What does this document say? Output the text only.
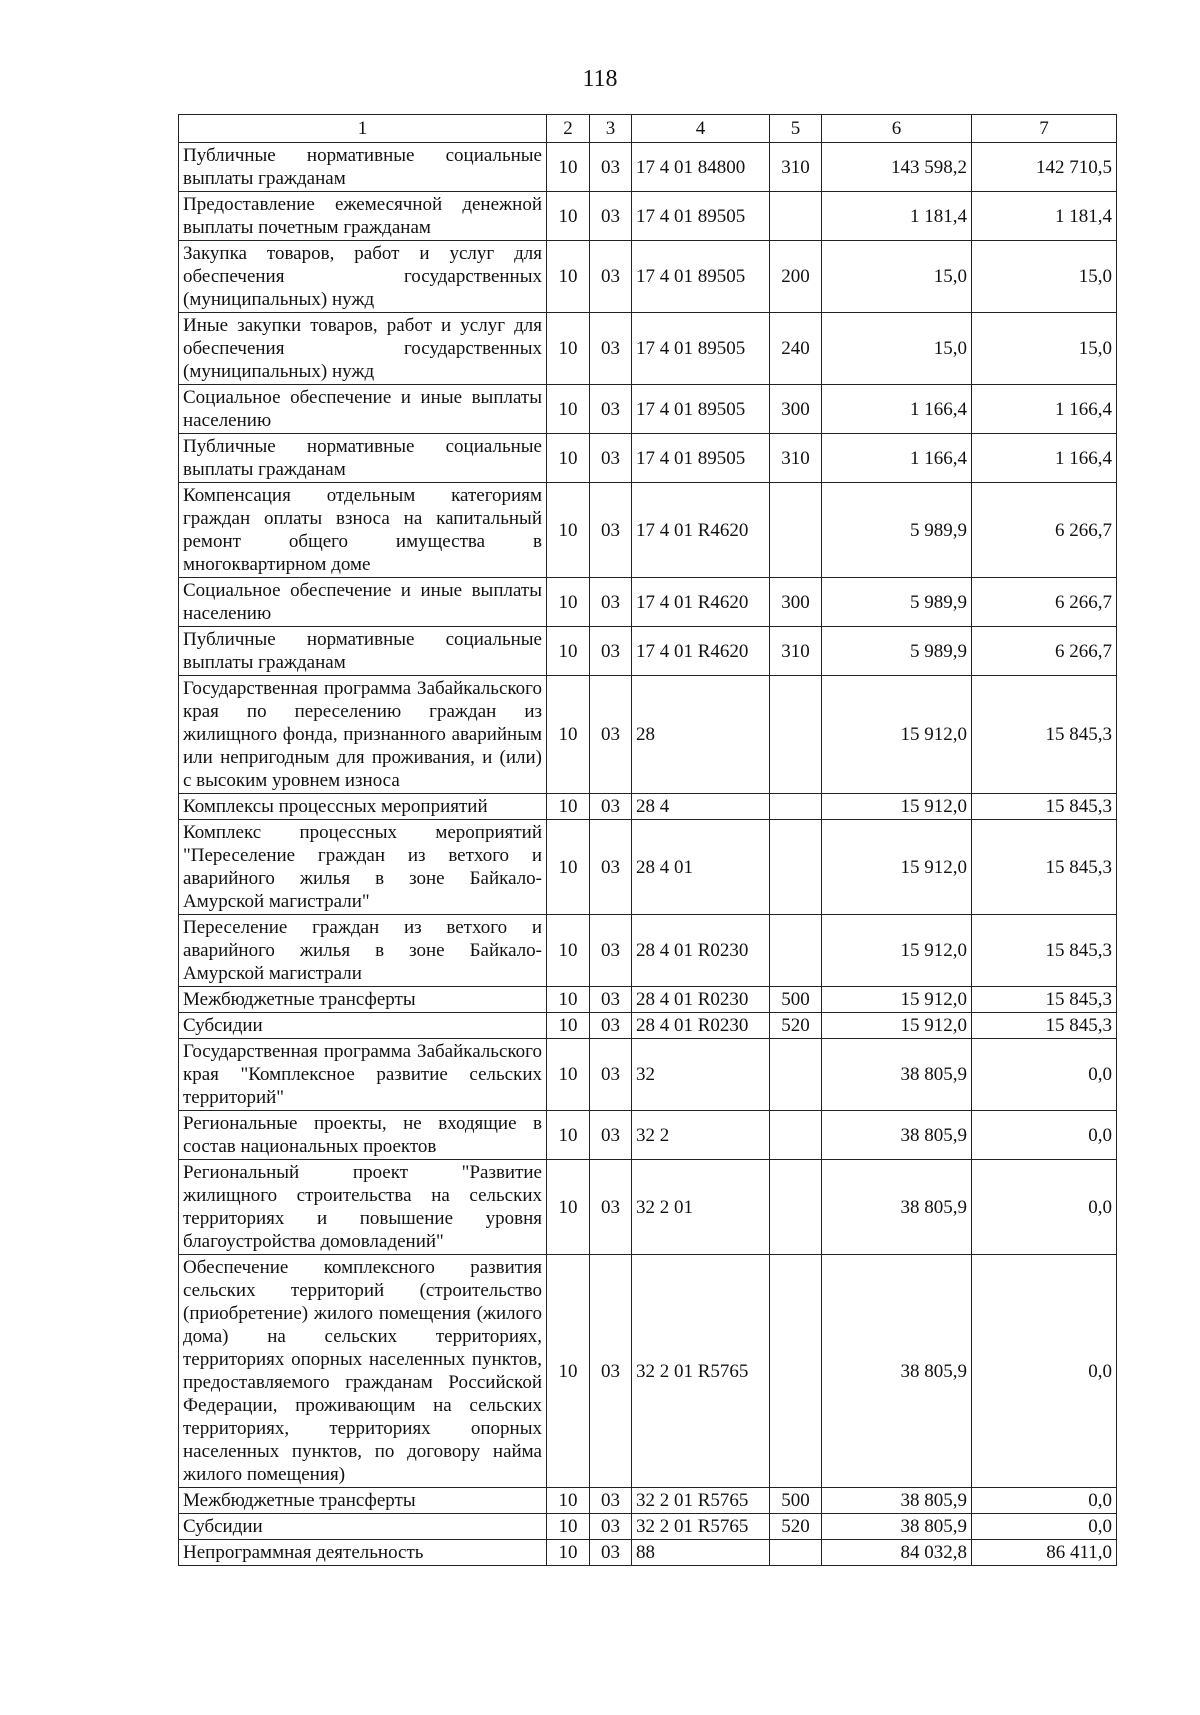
118
1	2	3	4	5	6	7
Публичные нормативные социальные выплаты гражданам	10	03	17 4 01 84800	310	143 598,2	142 710,5
Предоставление ежемесячной денежной выплаты почетным гражданам	10	03	17 4 01 89505		1 181,4	1 181,4
Закупка товаров, работ и услуг для обеспечения государственных (муниципальных) нужд	10	03	17 4 01 89505	200	15,0	15,0
Иные закупки товаров, работ и услуг для обеспечения государственных (муниципальных) нужд	10	03	17 4 01 89505	240	15,0	15,0
Социальное обеспечение и иные выплаты населению	10	03	17 4 01 89505	300	1 166,4	1 166,4
Публичные нормативные социальные выплаты гражданам	10	03	17 4 01 89505	310	1 166,4	1 166,4
Компенсация отдельным категориям граждан оплаты взноса на капитальный ремонт общего имущества в многоквартирном доме	10	03	17 4 01 R4620		5 989,9	6 266,7
Социальное обеспечение и иные выплаты населению	10	03	17 4 01 R4620	300	5 989,9	6 266,7
Публичные нормативные социальные выплаты гражданам	10	03	17 4 01 R4620	310	5 989,9	6 266,7
Государственная программа Забайкальского края по переселению граждан из жилищного фонда, признанного аварийным или непригодным для проживания, и (или) с высоким уровнем износа	10	03	28		15 912,0	15 845,3
Комплексы процессных мероприятий	10	03	28 4		15 912,0	15 845,3
Комплекс процессных мероприятий "Переселение граждан из ветхого и аварийного жилья в зоне Байкало-Амурской магистрали"	10	03	28 4 01		15 912,0	15 845,3
Переселение граждан из ветхого и аварийного жилья в зоне Байкало-Амурской магистрали	10	03	28 4 01 R0230		15 912,0	15 845,3
Межбюджетные трансферты	10	03	28 4 01 R0230	500	15 912,0	15 845,3
Субсидии	10	03	28 4 01 R0230	520	15 912,0	15 845,3
Государственная программа Забайкальского края "Комплексное развитие сельских территорий"	10	03	32		38 805,9	0,0
Региональные проекты, не входящие в состав национальных проектов	10	03	32 2		38 805,9	0,0
Региональный проект "Развитие жилищного строительства на сельских территориях и повышение уровня благоустройства домовладений"	10	03	32 2 01		38 805,9	0,0
Обеспечение комплексного развития сельских территорий (строительство (приобретение) жилого помещения (жилого дома) на сельских территориях, территориях опорных населенных пунктов, предоставляемого гражданам Российской Федерации, проживающим на сельских территориях, территориях опорных населенных пунктов, по договору найма жилого помещения)	10	03	32 2 01 R5765		38 805,9	0,0
Межбюджетные трансферты	10	03	32 2 01 R5765	500	38 805,9	0,0
Субсидии	10	03	32 2 01 R5765	520	38 805,9	0,0
Непрограммная деятельность	10	03	88		84 032,8	86 411,0
